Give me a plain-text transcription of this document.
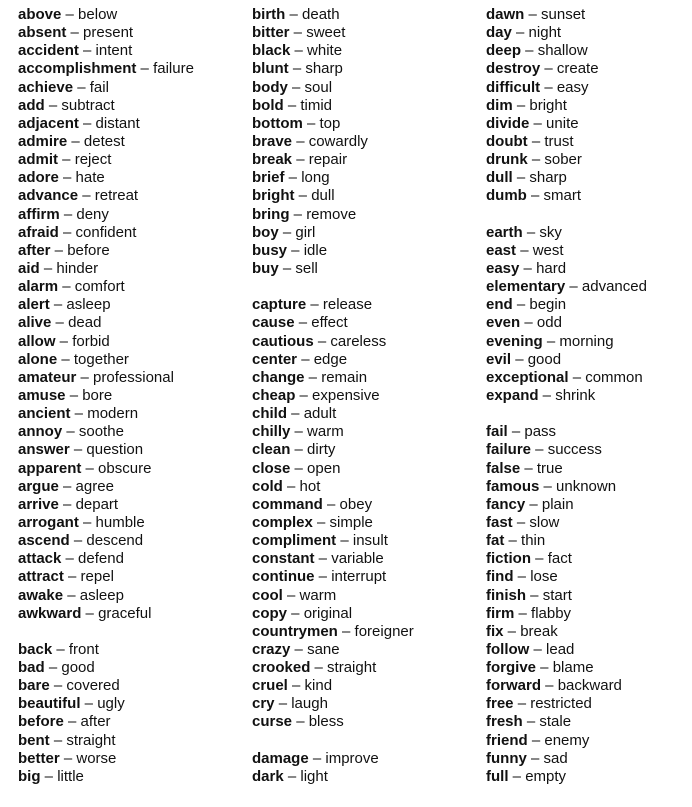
above – below
absent – present
accident – intent
accomplishment – failure
achieve – fail
add – subtract
adjacent – distant
admire – detest
admit – reject
adore – hate
advance – retreat
affirm – deny
afraid – confident
after – before
aid – hinder
alarm – comfort
alert – asleep
alive – dead
allow – forbid
alone – together
amateur – professional
amuse – bore
ancient – modern
annoy – soothe
answer – question
apparent – obscure
argue – agree
arrive – depart
arrogant – humble
ascend – descend
attack – defend
attract – repel
awake – asleep
awkward – graceful
back – front
bad – good
bare – covered
beautiful – ugly
before – after
bent – straight
better – worse
big – little
birth – death
bitter – sweet
black – white
blunt – sharp
body – soul
bold – timid
bottom – top
brave – cowardly
break – repair
brief – long
bright – dull
bring – remove
boy – girl
busy – idle
buy – sell
capture – release
cause – effect
cautious – careless
center – edge
change – remain
cheap – expensive
child – adult
chilly – warm
clean – dirty
close – open
cold – hot
command – obey
complex – simple
compliment – insult
constant – variable
continue – interrupt
cool – warm
copy – original
countrymen – foreigner
crazy – sane
crooked – straight
cruel – kind
cry – laugh
curse – bless
damage – improve
dark – light
dawn – sunset
day – night
deep – shallow
destroy – create
difficult – easy
dim – bright
divide – unite
doubt – trust
drunk – sober
dull – sharp
dumb – smart
earth – sky
east – west
easy – hard
elementary – advanced
end – begin
even – odd
evening – morning
evil – good
exceptional – common
expand – shrink
fail – pass
failure – success
false – true
famous – unknown
fancy – plain
fast – slow
fat – thin
fiction – fact
find – lose
finish – start
firm – flabby
fix – break
follow – lead
forgive – blame
forward – backward
free – restricted
fresh – stale
friend – enemy
funny – sad
full – empty
